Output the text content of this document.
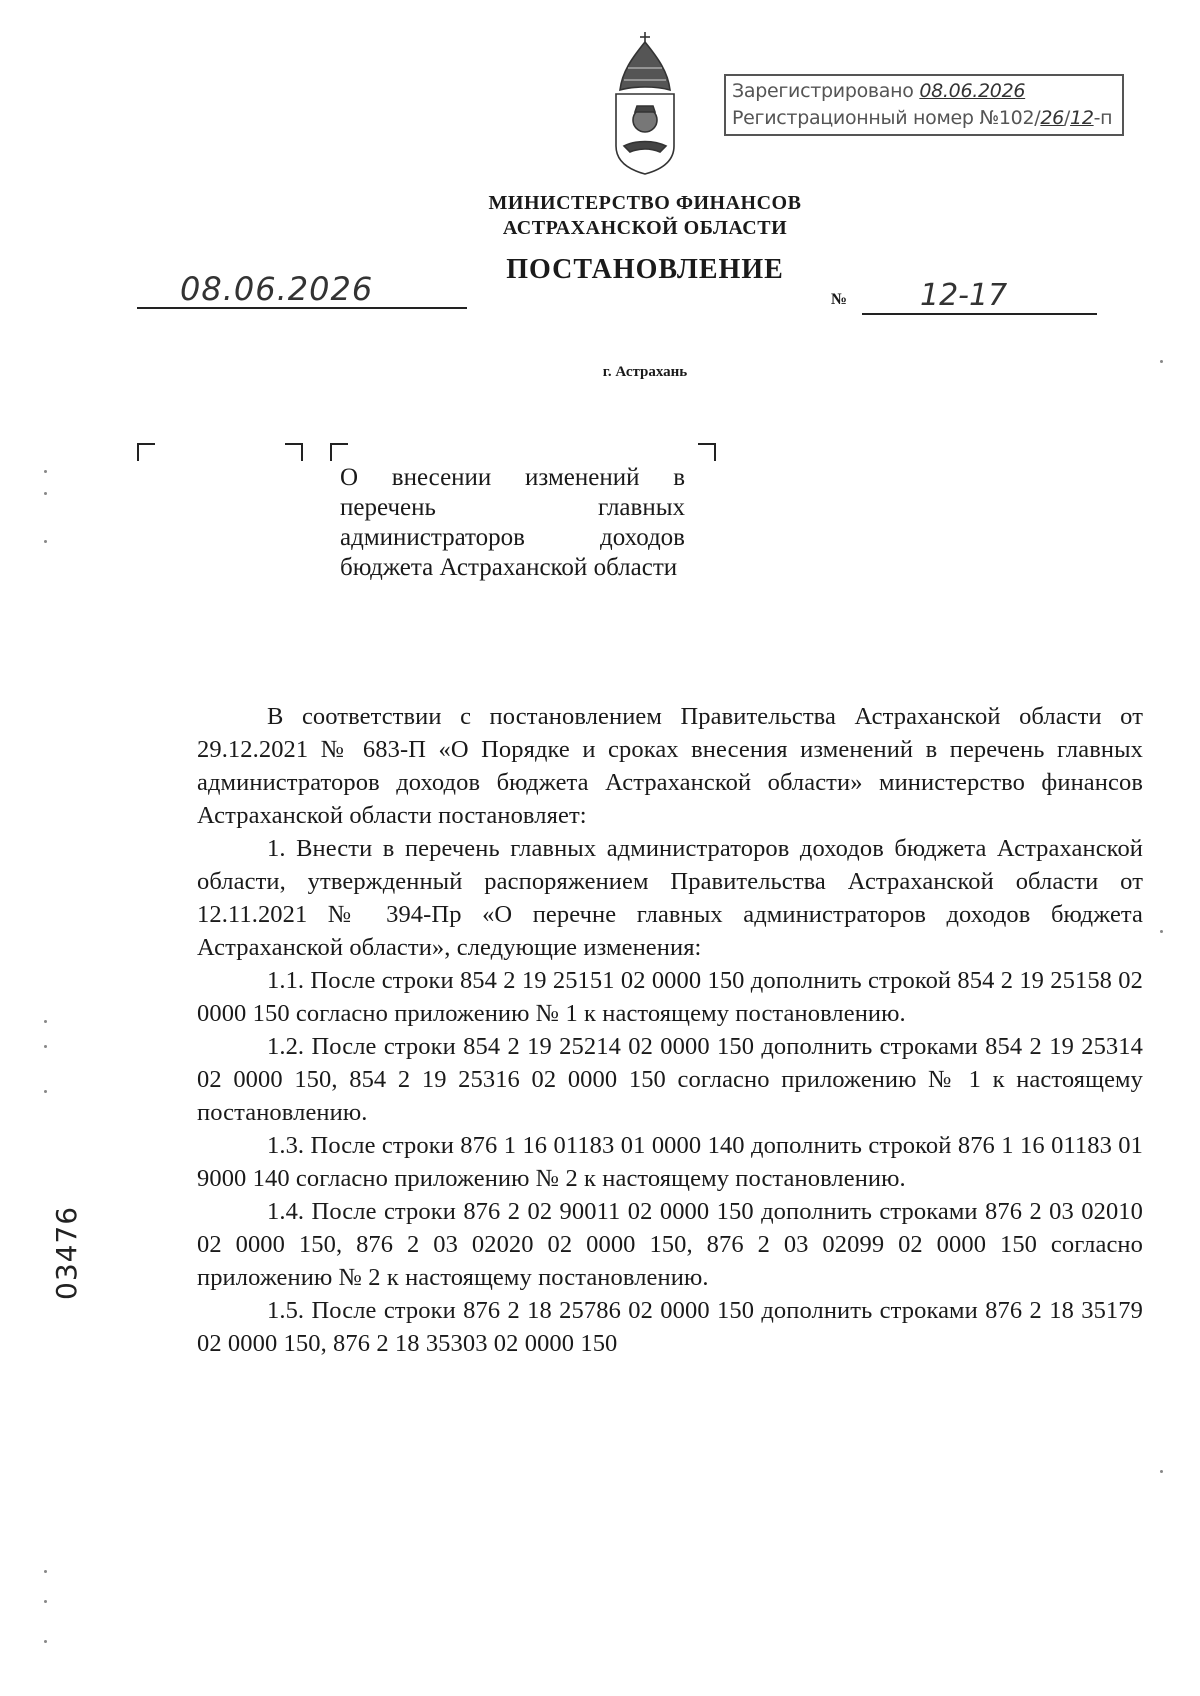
Зарегистрировано 08.06.2026
Регистрационный номер №102/26/12-п
МИНИСТЕРСТВО ФИНАНСОВ
АСТРАХАНСКОЙ ОБЛАСТИ
ПОСТАНОВЛЕНИЕ
08.06.2026	№ 12-17
г. Астрахань
О внесении изменений в перечень главных администраторов доходов бюджета Астраханской области

В соответствии с постановлением Правительства Астраханской области от 29.12.2021 № 683-П «О Порядке и сроках внесения изменений в перечень главных администраторов доходов бюджета Астраханской области» министерство финансов Астраханской области постановляет:

1. Внести в перечень главных администраторов доходов бюджета Астраханской области, утвержденный распоряжением Правительства Астраханской области от 12.11.2021 № 394-Пр «О перечне главных администраторов доходов бюджета Астраханской области», следующие изменения:

1.1. После строки 854 2 19 25151 02 0000 150 дополнить строкой 854 2 19 25158 02 0000 150 согласно приложению № 1 к настоящему постановлению.

1.2. После строки 854 2 19 25214 02 0000 150 дополнить строками 854 2 19 25314 02 0000 150, 854 2 19 25316 02 0000 150 согласно приложению № 1 к настоящему постановлению.

1.3. После строки 876 1 16 01183 01 0000 140 дополнить строкой 876 1 16 01183 01 9000 140 согласно приложению № 2 к настоящему постановлению.

1.4. После строки 876 2 02 90011 02 0000 150 дополнить строками 876 2 03 02010 02 0000 150, 876 2 03 02020 02 0000 150, 876 2 03 02099 02 0000 150 согласно приложению № 2 к настоящему постановлению.

1.5. После строки 876 2 18 25786 02 0000 150 дополнить строками 876 2 18 35179 02 0000 150, 876 2 18 35303 02 0000 150

03476
